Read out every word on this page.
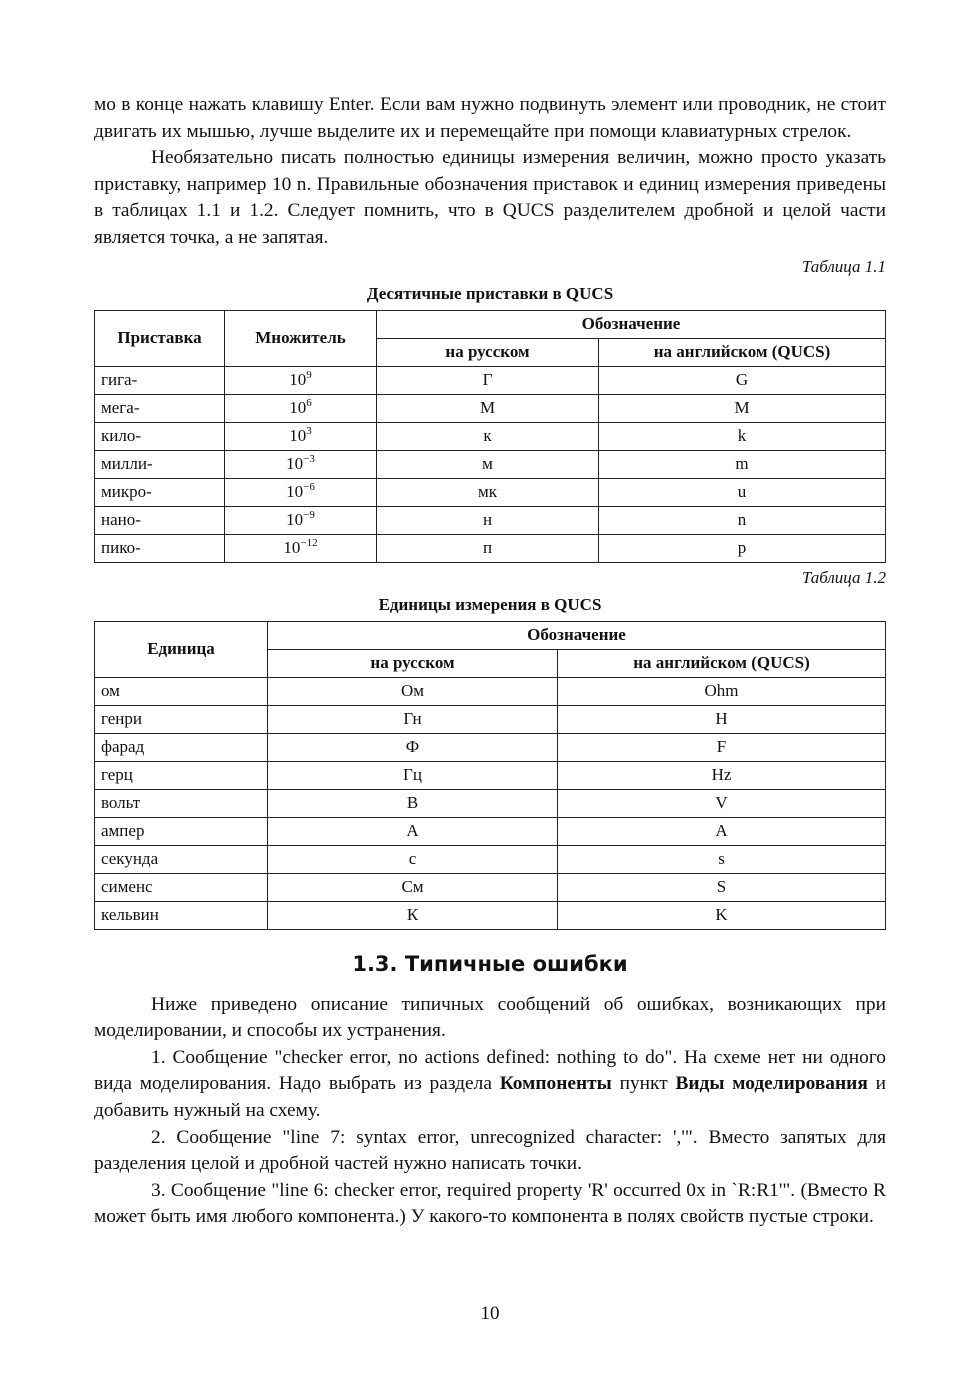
мо в конце нажать клавишу Enter. Если вам нужно подвинуть элемент или проводник, не стоит двигать их мышью, лучше выделите их и перемещайте при помощи клавиатурных стрелок.

Необязательно писать полностью единицы измерения величин, можно просто указать приставку, например 10 n. Правильные обозначения приставок и единиц измерения приведены в таблицах 1.1 и 1.2. Следует помнить, что в QUCS разделителем дробной и целой части является точка, а не запятая.

Таблица 1.1
Десятичные приставки в QUCS
Приставка	Множитель	Обозначение	
		на русском	на английском (QUCS)
гига-	$10^9$	Г	G
мега-	$10^6$	М	M
кило-	$10^3$	к	k
милли-	$10^{-3}$	м	m
микро-	$10^{-6}$	мк	u
нано-	$10^{-9}$	н	n
пико-	$10^{-12}$	п	p
Таблица 1.2
Единицы измерения в QUCS
Единица	Обозначение	
	на русском	на английском (QUCS)
ом	Ом	Ohm
генри	Гн	H
фарад	Ф	F
герц	Гц	Hz
вольт	В	V
ампер	А	A
секунда	с	s
сименс	См	S
кельвин	К	K
1.3. Типичные ошибки

Ниже приведено описание типичных сообщений об ошибках, возникающих при моделировании, и способы их устранения.

1. Сообщение "checker error, no actions defined: nothing to do". На схеме нет ни одного вида моделирования. Надо выбрать из раздела Компоненты пункт Виды моделирования и добавить нужный на схему.

2. Сообщение "line 7: syntax error, unrecognized character: ','". Вместо запятых для разделения целой и дробной частей нужно написать точки.

3. Сообщение "line 6: checker error, required property 'R' occurred 0x in `R:R1'". (Вместо R может быть имя любого компонента.) У какого-то компонента в полях свойств пустые строки.

10
